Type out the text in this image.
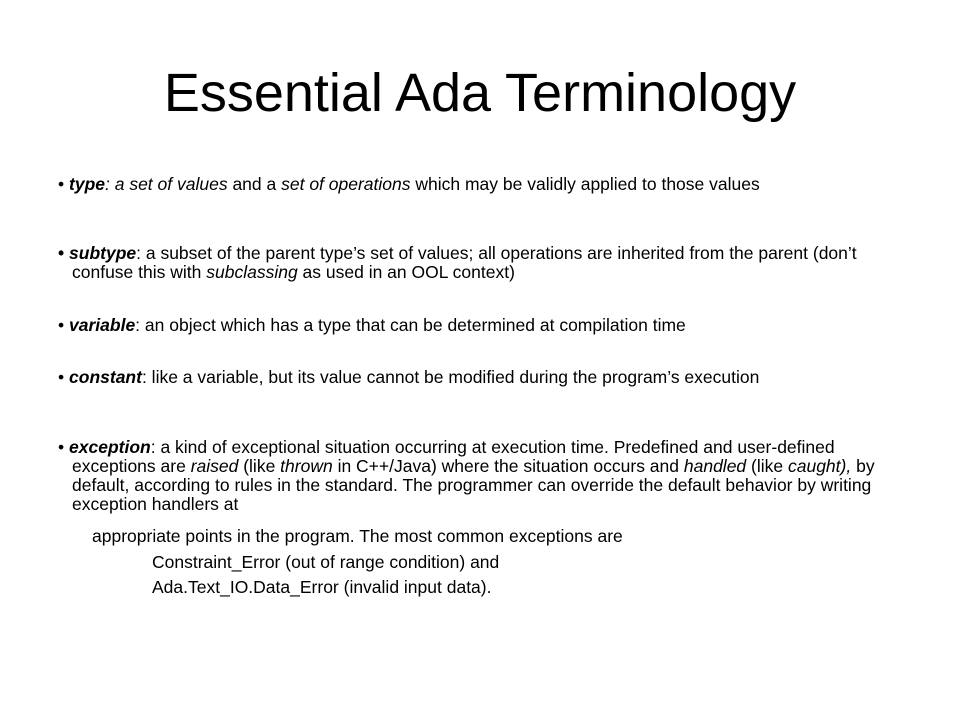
Essential Ada Terminology
• type: a set of values and a set of operations which may be validly applied to those values
• subtype: a subset of the parent type’s set of values; all operations are inherited from the parent (don’t confuse this with subclassing as used in an OOL context)
• variable: an object which has a type that can be determined at compilation time
• constant: like a variable, but its value cannot be modified during the program’s execution
• exception: a kind of exceptional situation occurring at execution time. Predefined and user-defined exceptions are raised (like thrown in C++/Java) where the situation occurs and handled (like caught), by default, according to rules in the standard. The programmer can override the default behavior by writing exception handlers at
appropriate points in the program. The most common exceptions are
Constraint_Error (out of range condition) and
Ada.Text_IO.Data_Error (invalid input data).
